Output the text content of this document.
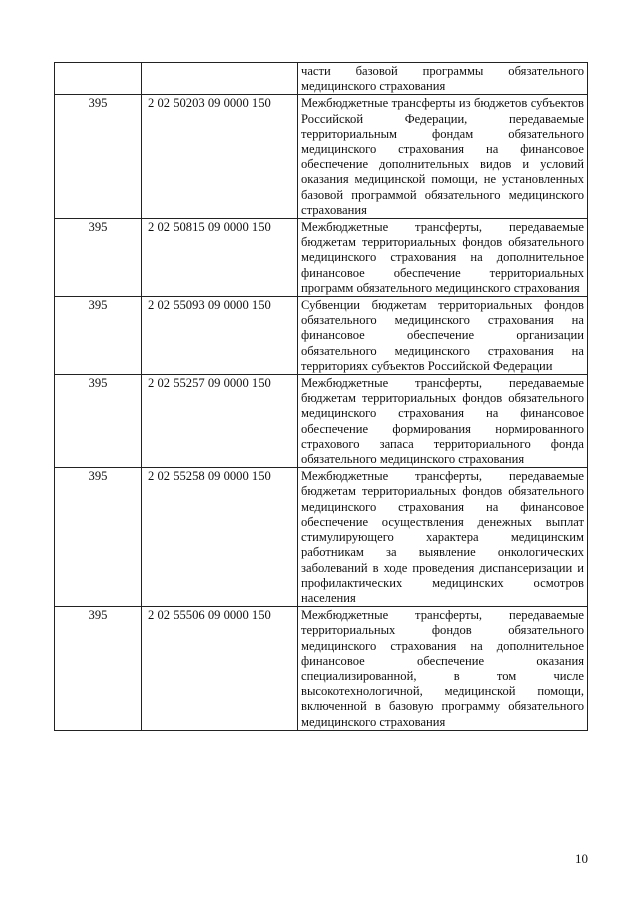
		части базовой программы обязательного медицинского страхования
395	2 02 50203 09 0000 150	Межбюджетные трансферты из бюджетов субъектов Российской Федерации, передаваемые территориальным фондам обязательного медицинского страхования на финансовое обеспечение дополнительных видов и условий оказания медицинской помощи, не установленных базовой программой обязательного медицинского страхования
395	2 02 50815 09 0000 150	Межбюджетные трансферты, передаваемые бюджетам территориальных фондов обязательного медицинского страхования на дополнительное финансовое обеспечение территориальных программ обязательного медицинского страхования
395	2 02 55093 09 0000 150	Субвенции бюджетам территориальных фондов обязательного медицинского страхования на финансовое обеспечение организации обязательного медицинского страхования на территориях субъектов Российской Федерации
395	2 02 55257 09 0000 150	Межбюджетные трансферты, передаваемые бюджетам территориальных фондов обязательного медицинского страхования на финансовое обеспечение формирования нормированного страхового запаса территориального фонда обязательного медицинского страхования
395	2 02 55258 09 0000 150	Межбюджетные трансферты, передаваемые бюджетам территориальных фондов обязательного медицинского страхования на финансовое обеспечение осуществления денежных выплат стимулирующего характера медицинским работникам за выявление онкологических заболеваний в ходе проведения диспансеризации и профилактических медицинских осмотров населения
395	2 02 55506 09 0000 150	Межбюджетные трансферты, передаваемые территориальных фондов обязательного медицинского страхования на дополнительное финансовое обеспечение оказания специализированной, в том числе высокотехнологичной, медицинской помощи, включенной в базовую программу обязательного медицинского страхования
10
